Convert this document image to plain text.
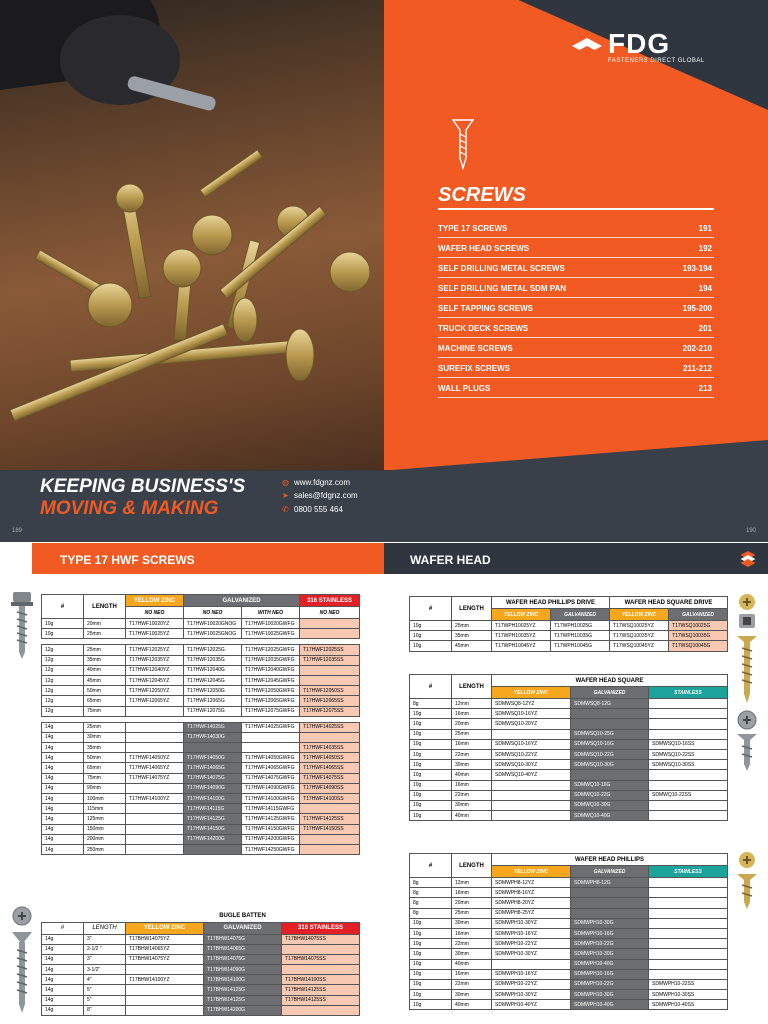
FDG
FASTENERS DIRECT GLOBAL
SCREWS
KEEPING BUSINESS'S
MOVING & MAKING
◍ www.fdgnz.com
➤ sales@fdgnz.com
✆ 0800 555 464
189	190
TYPE 17 SCREWS	191
WAFER HEAD SCREWS	192
SELF DRILLING METAL SCREWS	193-194
SELF DRILLING METAL SDM PAN	194
SELF TAPPING SCREWS	195-200
TRUCK DECK SCREWS	201
MACHINE SCREWS	202-210
SUREFIX SCREWS	211-212
WALL PLUGS	213
TYPE 17 HWF SCREWS	WAFER HEAD
#	LENGTH	YELLOW ZINC	GALVANIZED		316 STAINLESS
		NO NEO	NO NEO	WITH NEO	NO NEO
10g	20mm	T17HWF10020YZ	T17HWF10020GNOG	T17HWF10020GWFG	
10g	25mm	T17HWF10025YZ	T17HWF10025GNOG	T17HWF10025GWFG	

12g	25mm	T17HWF12025YZ	T17HWF12025G	T17HWF12025GWFG	T17HWF12025SS
12g	35mm	T17HWF12035YZ	T17HWF12035G	T17HWF12035GWFG	T17HWF12035SS
12g	40mm	T17HWF12040YZ	T17HWF12040G	T17HWF12040GWFG	
12g	45mm	T17HWF12045YZ	T17HWF12045G	T17HWF12045GWFG	
12g	50mm	T17HWF12050YZ	T17HWF12050G	T17HWF12050GWFG	T17HWF12050SS
12g	65mm	T17HWF12065YZ	T17HWF12065G	T17HWF12065GWFG	T17HWF12065SS
12g	75mm		T17HWF12075G	T17HWF12075GWFG	T17HWF12075SS

14g	25mm		T17HWF14025G	T17HWF14025GWFG	T17HWF14025SS
14g	30mm		T17HWF14030G		
14g	35mm				T17HWF14035SS
14g	50mm	T17HWF14050YZ	T17HWF14050G	T17HWF14050GWFG	T17HWF14050SS
14g	65mm	T17HWF14065YZ	T17HWF14065G	T17HWF14065GWFG	T17HWF14065SS
14g	75mm	T17HWF14075YZ	T17HWF14075G	T17HWF14075GWFG	T17HWF14075SS
14g	90mm		T17HWF14090G	T17HWF14090GWFG	T17HWF14090SS
14g	100mm	T17HWF14100YZ	T17HWF14100G	T17HWF14100GWFG	T17HWF14100SS
14g	115mm		T17HWF14115G	T17HWF14115GWFG	
14g	125mm		T17HWF14125G	T17HWF14125GWFG	T17HWF14125SS
14g	150mm		T17HWF14150G	T17HWF14150GWFG	T17HWF14150SS
14g	200mm		T17HWF14200G	T17HWF14200GWFG	
14g	250mm			T17HWF14250GWFG	
		BUGLE BATTEN		
#	LENGTH	YELLOW ZINC	GALVANIZED	316 STAINLESS
14g	3"	T17BHW14075YZ	T17BHW14075G	T17BHW14075SS
14g	2-1/2 "	T17BHW14065YZ	T17BHW14065G	
14g	3"	T17BHW14075YZ	T17BHW14075G	T17BHW14075SS
14g	3-1/2"		T17BHW14090G	
14g	4"	T17BHW14100YZ	T17BHW14100G	T17BHW14100SS
14g	5"		T17BHW14125G	T17BHW14125SS
14g	5"		T17BHW14125G	T17BHW14125SS
14g	8"		T17BHW14200G	
#	LENGTH	WAFER HEAD PHILLIPS DRIVE		WAFER HEAD SQUARE DRIVE	
		YELLOW ZINC	GALVANIZED	YELLOW ZINC	GALVANIZED
10g	25mm	T17WPH10025YZ	T17WPH10025G	T17WSQ10025YZ	T17WSQ10025G
10g	35mm	T17WPH10035YZ	T17WPH10035G	T17WSQ10035YZ	T17WSQ10035G
10g	45mm	T17WPH10045YZ	T17WPH10045G	T17WSQ10045YZ	T17WSQ10045G
#	LENGTH	WAFER HEAD SQUARE		
		YELLOW ZINC	GALVANIZED	STAINLESS
8g	12mm	SDMWSQ8-12YZ	SDMWSQ8-12G	
10g	16mm	SDMWSQ10-16YZ		
10g	20mm	SDMWSQ10-20YZ		
10g	25mm		SDMWSQ10-25G	
10g	16mm	SDMWSQ10-16YZ	SDMWSQ10-16G	SDMWSQ10-16SS
10g	22mm	SDMWSQ10-22YZ	SDMWSQ10-22G	SDMWSQ10-22SS
10g	30mm	SDMWSQ10-30YZ	SDMWSQ10-30G	SDMWSQ10-30SS
10g	40mm	SDMWSQ10-40YZ		
10g	16mm		SDMWQ10-16G	
10g	22mm		SDMWQ10-22G	SDMWQ10-22SS
10g	30mm		SDMWQ10-30G	
10g	40mm		SDMWQ10-40G	
#	LENGTH	WAFER HEAD PHILLIPS		
		YELLOW ZINC	GALVANIZED	STAINLESS
8g	12mm	SDMWPH8-12YZ	SDMWPH8-12G	
8g	16mm	SDMWPH8-16YZ		
8g	20mm	SDMWPH8-20YZ		
8g	25mm	SDMWPH8-25YZ		
10g	30mm	SDMWPH10-30YZ	SDMWPH10-30G	
10g	16mm	SDMWPH10-16YZ	SDMWPH10-16G	
10g	22mm	SDMWPH10-22YZ	SDMWPH10-22G	
10g	30mm	SDMWPH10-30YZ	SDMWPH10-30G	
10g	40mm		SDMWPH10-40G	
10g	16mm	SDMWPH10-16YZ	SDMWPH10-16G	
10g	22mm	SDMWPH10-22YZ	SDMWPH10-22G	SDMWPH10-22SS
10g	30mm	SDMWPH10-30YZ	SDMWPH10-30G	SDMWPH10-30SS
10g	40mm	SDMWPH10-40YZ	SDMWPH10-40G	SDMWPH10-40SS
